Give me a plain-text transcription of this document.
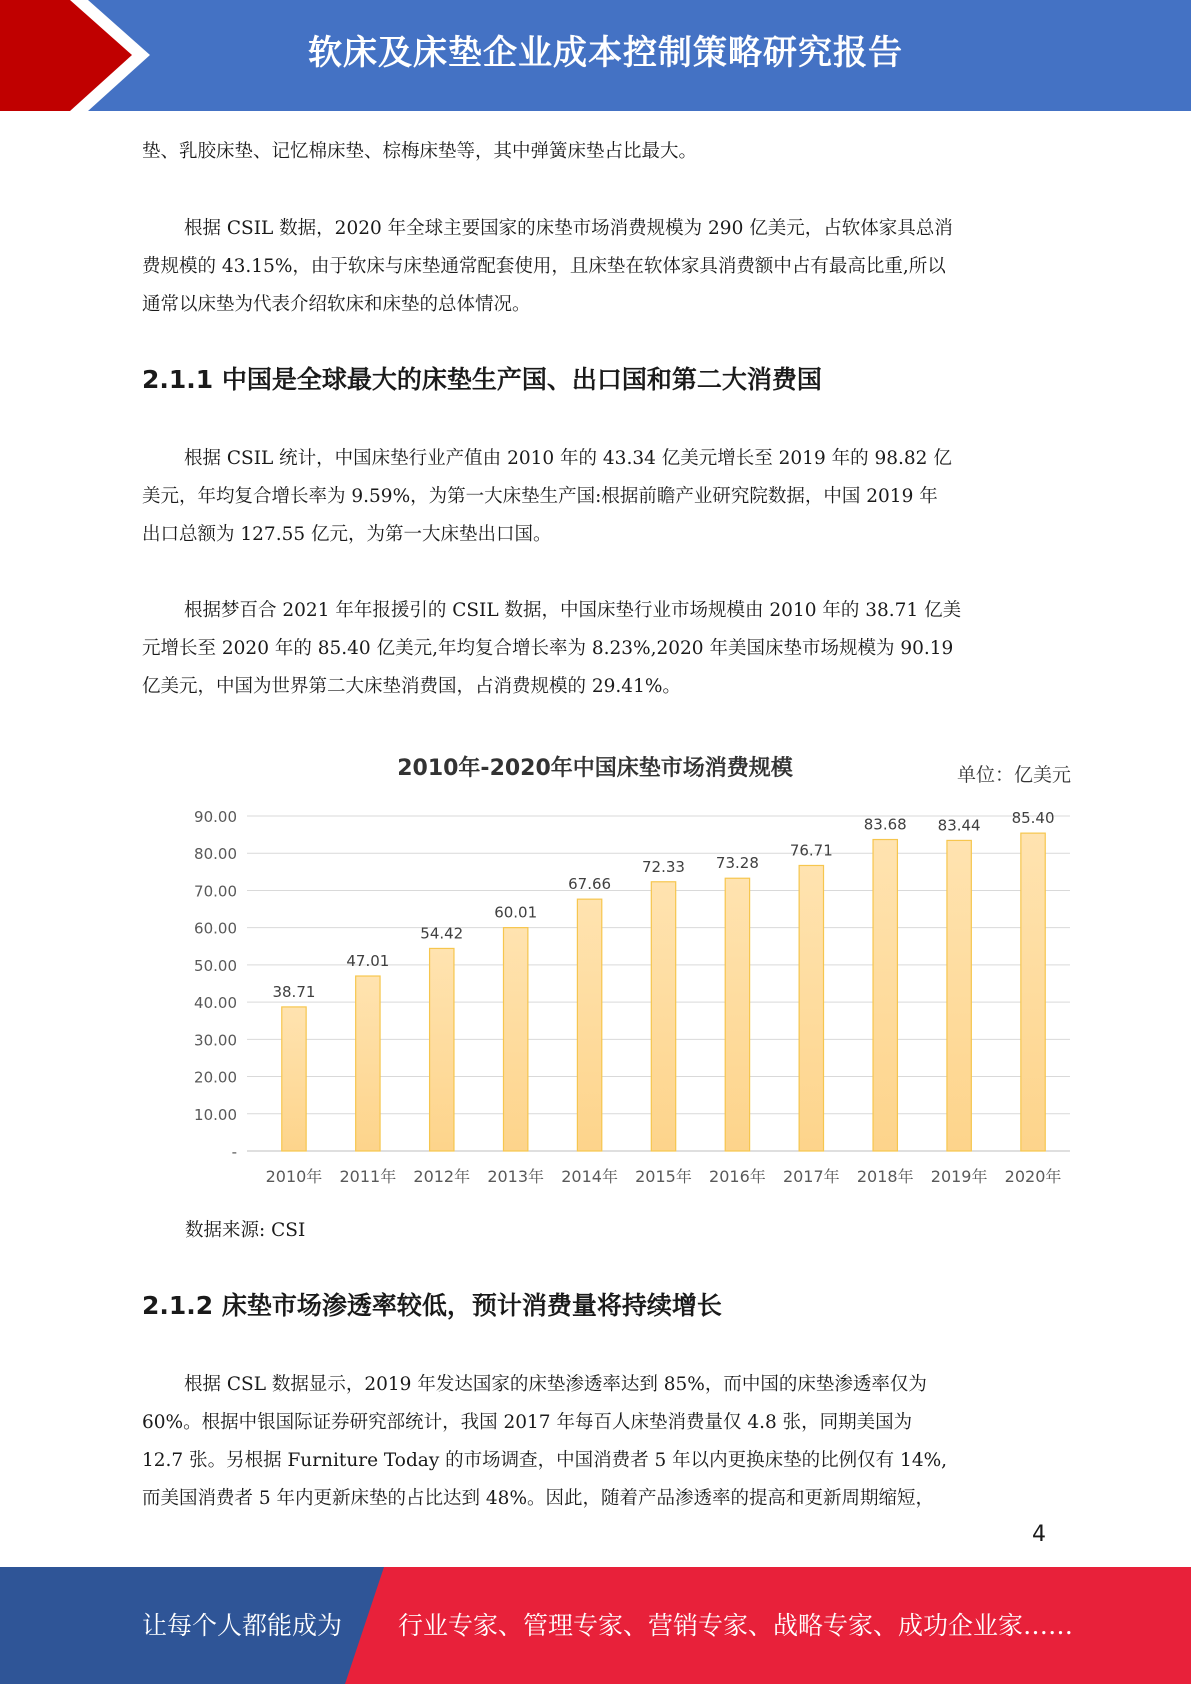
软床及床垫企业成本控制策略研究报告
垫、乳胶床垫、记忆棉床垫、棕梅床垫等，其中弹簧床垫占比最大。
根据 CSIL 数据，2020 年全球主要国家的床垫市场消费规模为 290 亿美元，占软体家具总消
费规模的 43.15%，由于软床与床垫通常配套使用，且床垫在软体家具消费额中占有最高比重,所以
通常以床垫为代表介绍软床和床垫的总体情况。
2.1.1 中国是全球最大的床垫生产国、出口国和第二大消费国
根据 CSIL 统计，中国床垫行业产值由 2010 年的 43.34 亿美元增长至 2019 年的 98.82 亿
美元，年均复合增长率为 9.59%，为第一大床垫生产国:根据前瞻产业研究院数据，中国 2019 年
出口总额为 127.55 亿元，为第一大床垫出口国。
根据梦百合 2021 年年报援引的 CSIL 数据，中国床垫行业市场规模由 2010 年的 38.71 亿美
元增长至 2020 年的 85.40 亿美元,年均复合增长率为 8.23%,2020 年美国床垫市场规模为 90.19
亿美元，中国为世界第二大床垫消费国，占消费规模的 29.41%。
2010年-2020年中国床垫市场消费规模	单位：亿美元
-
10.00
20.00
30.00
40.00
50.00
60.00
70.00
80.00
90.00
38.71
47.01
54.42
60.01
67.66
72.33 73.28
76.71
83.68 83.44 85.40
2010年 2011年 2012年 2013年 2014年 2015年 2016年 2017年 2018年 2019年 2020年
数据来源: CSI
2.1.2 床垫市场渗透率较低，预计消费量将持续增长
根据 CSL 数据显示，2019 年发达国家的床垫渗透率达到 85%，而中国的床垫渗透率仅为
60%。根据中银国际证券研究部统计，我国 2017 年每百人床垫消费量仅 4.8 张，同期美国为
12.7 张。另根据 Furniture Today 的市场调查，中国消费者 5 年以内更换床垫的比例仅有 14%,
而美国消费者 5 年内更新床垫的占比达到 48%。因此，随着产品渗透率的提高和更新周期缩短，
4
让每个人都能成为 行业专家、管理专家、营销专家、战略专家、成功企业家……
